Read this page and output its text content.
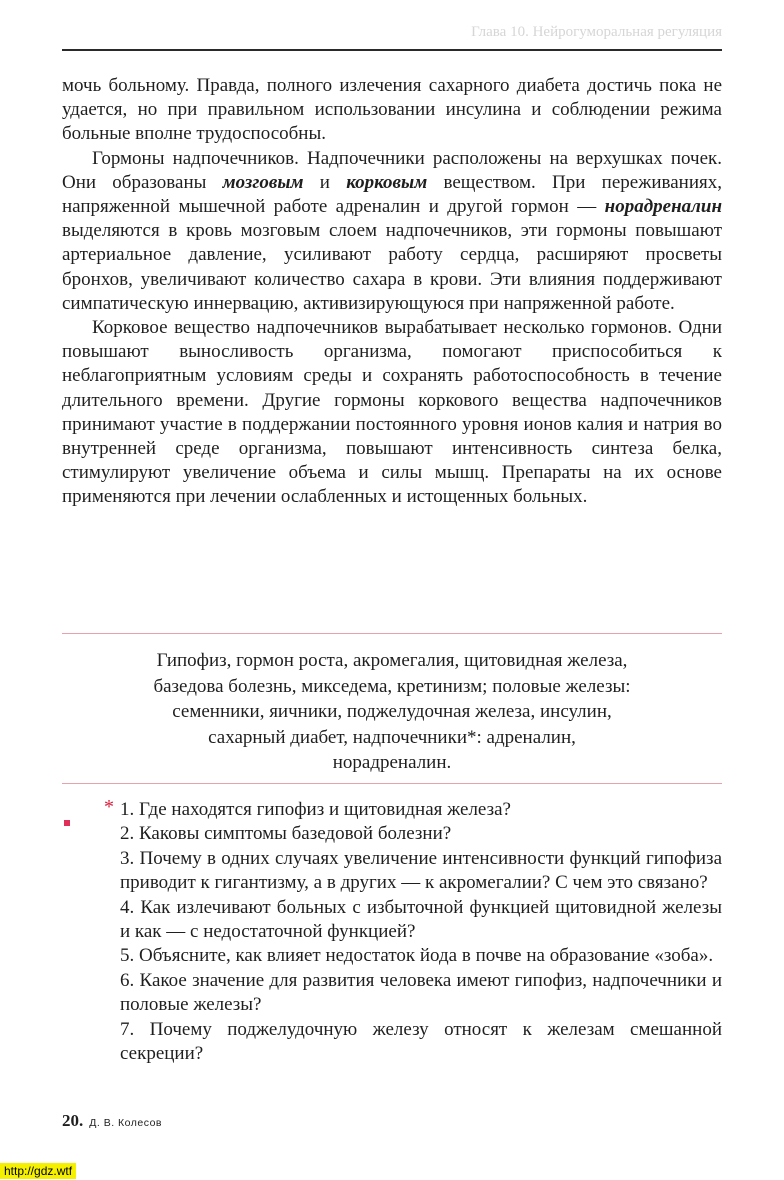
Глава 10. Нейрогуморальная регуляция

мочь больному. Правда, полного излечения сахарного диабета достичь пока не удается, но при правильном использовании инсулина и соблюдении режима больные вполне трудоспособны.

Гормоны надпочечников. Надпочечники расположены на верхушках почек. Они образованы мозговым и корковым веществом. При переживаниях, напряженной мышечной работе адреналин и другой гормон — норадреналин выделяются в кровь мозговым слоем надпочечников, эти гормоны повышают артериальное давление, усиливают работу сердца, расширяют просветы бронхов, увеличивают количество сахара в крови. Эти влияния поддерживают симпатическую иннервацию, активизирующуюся при напряженной работе.

Корковое вещество надпочечников вырабатывает несколько гормонов. Одни повышают выносливость организма, помогают приспособиться к неблагоприятным условиям среды и сохранять работоспособность в течение длительного времени. Другие гормоны коркового вещества надпочечников принимают участие в поддержании постоянного уровня ионов калия и натрия во внутренней среде организма, повышают интенсивность синтеза белка, стимулируют увеличение объема и силы мышц. Препараты на их основе применяются при лечении ослабленных и истощенных больных.

Гипофиз, гормон роста, акромегалия, щитовидная железа,
базедова болезнь, микседема, кретинизм; половые железы:
семенники, яичники, поджелудочная железа, инсулин,
сахарный диабет, надпочечники*: адреналин,
норадреналин.
* 1. Где находятся гипофиз и щитовидная железа?

2. Каковы симптомы базедовой болезни?

3. Почему в одних случаях увеличение интенсивности функций гипофиза приводит к гигантизму, а в других — к акромегалии? С чем это связано?

4. Как излечивают больных с избыточной функцией щитовидной железы и как — с недостаточной функцией?

5. Объясните, как влияет недостаток йода в почве на образование «зоба».

6. Какое значение для развития человека имеют гипофиз, надпочечники и половые железы?

7. Почему поджелудочную железу относят к железам смешанной секреции?

20. Д. В. Колесов
http://gdz.wtf
